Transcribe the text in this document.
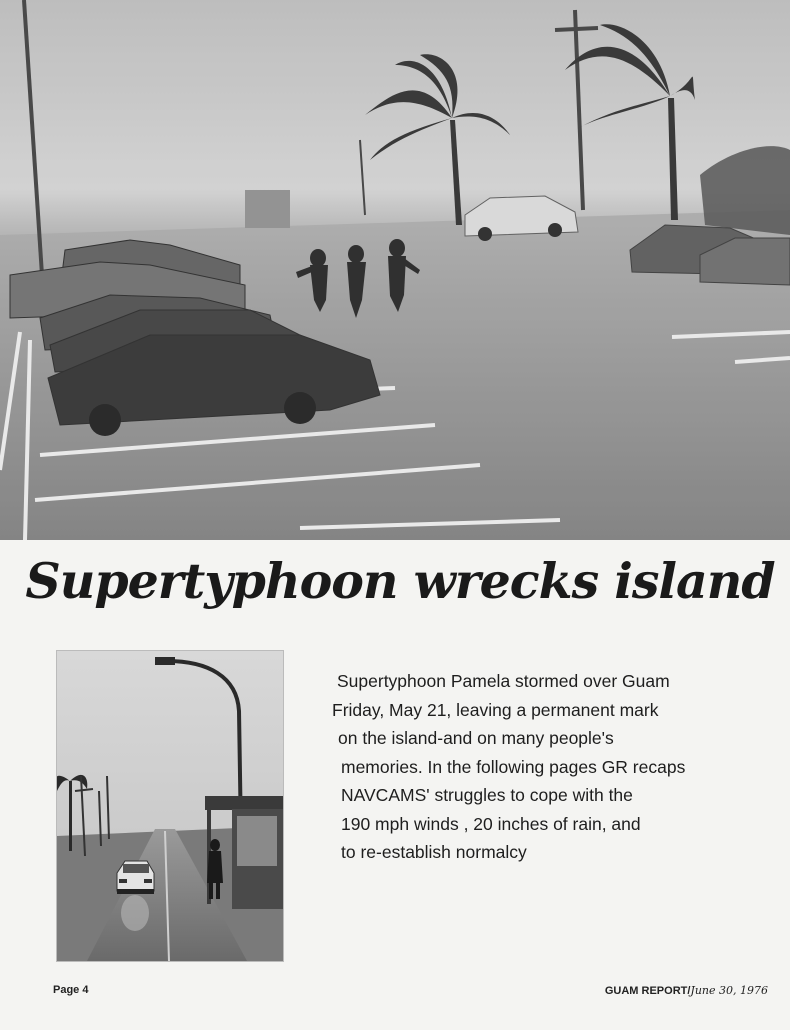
Supertyphoon wrecks island
Supertyphoon Pamela stormed over Guam
Friday, May 21, leaving a permanent mark
on the island-and on many people's
memories. In the following pages GR recaps
NAVCAMS' struggles to cope with the
190 mph winds , 20 inches of rain, and
to re-establish normalcy
Page 4	GUAM REPORT/June 30, 1976
